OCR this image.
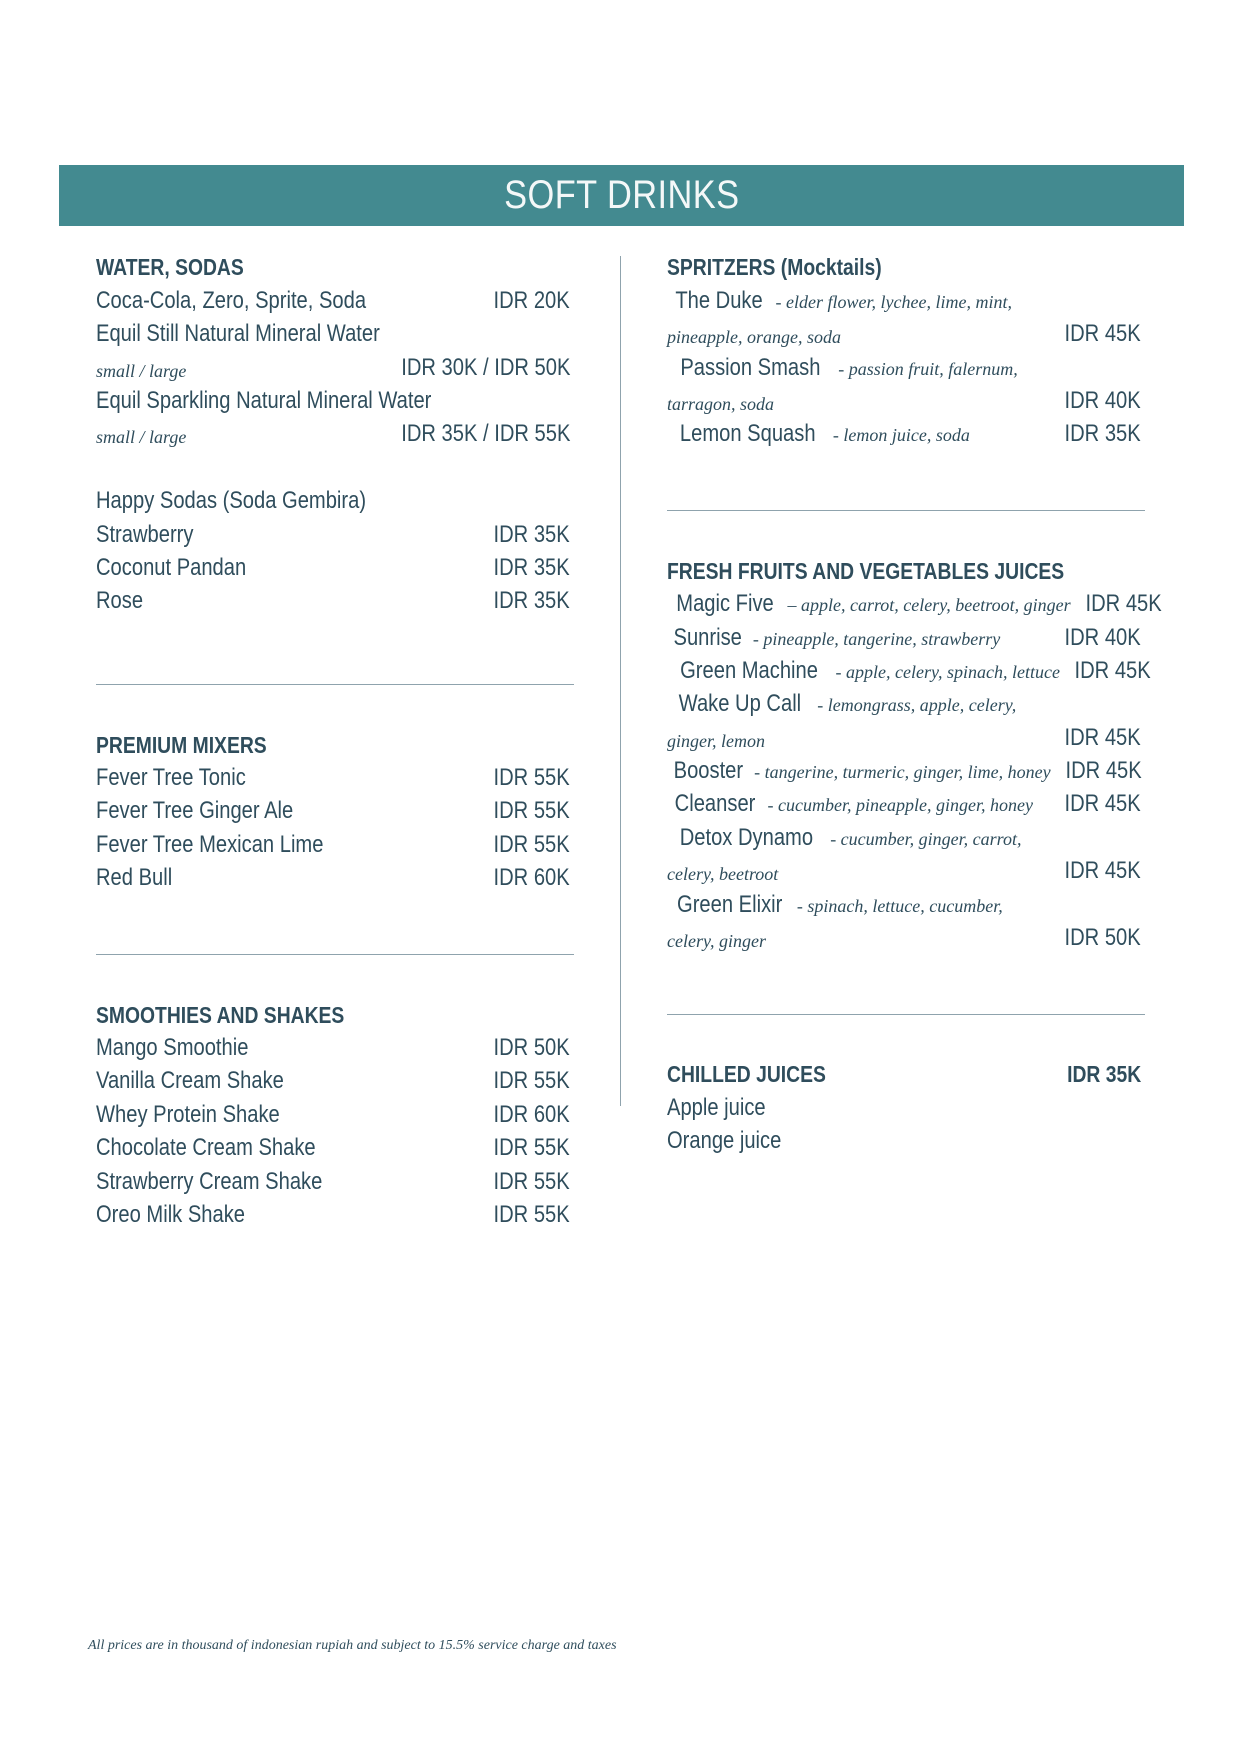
SOFT DRINKS
WATER, SODAS
Coca-Cola, Zero, Sprite, Soda	IDR 20K
Equil Still Natural Mineral Water
small / large	IDR 30K / IDR 50K
Equil Sparkling Natural Mineral Water
small / large	IDR 35K / IDR 55K
Happy Sodas (Soda Gembira)
Strawberry	IDR 35K
Coconut Pandan	IDR 35K
Rose	IDR 35K
PREMIUM MIXERS
Fever Tree Tonic	IDR 55K
Fever Tree Ginger Ale	IDR 55K
Fever Tree Mexican Lime	IDR 55K
Red Bull	IDR 60K
SMOOTHIES AND SHAKES
Mango Smoothie	IDR 50K
Vanilla Cream Shake	IDR 55K
Whey Protein Shake	IDR 60K
Chocolate Cream Shake	IDR 55K
Strawberry Cream Shake	IDR 55K
Oreo Milk Shake	IDR 55K
SPRITZERS (Mocktails)
The Duke - elder flower, lychee, lime, mint,
pineapple, orange, soda	IDR 45K
Passion Smash - passion fruit, falernum,
tarragon, soda	IDR 40K
Lemon Squash - lemon juice, soda	IDR 35K
FRESH FRUITS AND VEGETABLES JUICES
Magic Five – apple, carrot, celery, beetroot, ginger IDR 45K
Sunrise - pineapple, tangerine, strawberry	IDR 40K
Green Machine - apple, celery, spinach, lettuce IDR 45K
Wake Up Call - lemongrass, apple, celery,
ginger, lemon	IDR 45K
Booster - tangerine, turmeric, ginger, lime, honey IDR 45K
Cleanser - cucumber, pineapple, ginger, honey IDR 45K
Detox Dynamo - cucumber, ginger, carrot,
celery, beetroot	IDR 45K
Green Elixir - spinach, lettuce, cucumber,
celery, ginger	IDR 50K
CHILLED JUICES	IDR 35K
Apple juice
Orange juice
All prices are in thousand of indonesian rupiah and subject to 15.5% service charge and taxes
